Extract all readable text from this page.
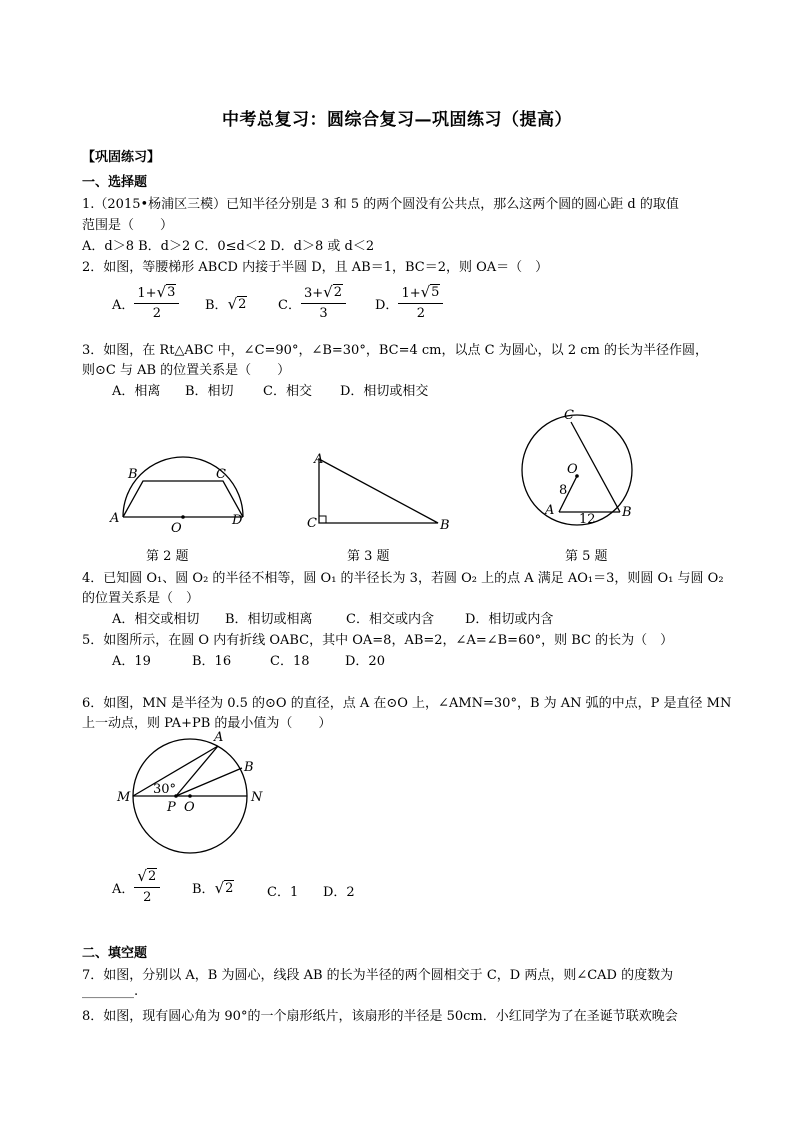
中考总复习：圆综合复习—巩固练习（提高）
【巩固练习】
一、选择题
1.（2015•杨浦区三模）已知半径分别是 3 和 5 的两个圆没有公共点，那么这两个圆的圆心距 d 的取值
范围是（　　）
A．d＞8 B．d＞2 C．0≤d＜2 D．d＞8 或 d＜2
2．如图，等腰梯形 ABCD 内接于半圆 D，且 AB＝1，BC＝2，则 OA＝（　）
A． $\frac{1+ √ 3}{2}$ B． √ 2 C． $\frac{3+ √ 2}{3}$ D． $\frac{1+ √ 5}{2}$
3．如图，在 Rt△ABC 中，∠C=90°，∠B=30°，BC=4 cm，以点 C 为圆心，以 2 cm 的长为半径作圆，
则⊙C 与 AB 的位置关系是（　　）
A．相离 B．相切 C．相交 D．相切或相交
B	C
A
O
D
第 2 题
A
C	B
第 3 题
C
O
8
A
12 B
第 5 题
4．已知圆 O₁、圆 O₂ 的半径不相等，圆 O₁ 的半径长为 3，若圆 O₂ 上的点 A 满足 AO₁＝3，则圆 O₁ 与圆 O₂
的位置关系是（　）
A．相交或相切 B．相切或相离	C．相交或内含 D．相切或内含
5．如图所示，在圆 O 内有折线 OABC，其中 OA=8，AB=2，∠A=∠B=60°，则 BC 的长为（　）
A．19	B．16	C．18	D．20
6．如图，MN 是半径为 0.5 的⊙O 的直径，点 A 在⊙O 上，∠AMN=30°，B 为 AN 弧的中点，P 是直径 MN
上一动点，则 PA+PB 的最小值为（　　）
A
B
M
30°
P O
N
A． $\frac{√ 2}{2}$ B． √ 2	C．1 D．2
二、填空题
7．如图，分别以 A，B 为圆心，线段 AB 的长为半径的两个圆相交于 C，D 两点，则∠CAD 的度数为
________.
8．如图，现有圆心角为 90°的一个扇形纸片，该扇形的半径是 50cm．小红同学为了在圣诞节联欢晚会
